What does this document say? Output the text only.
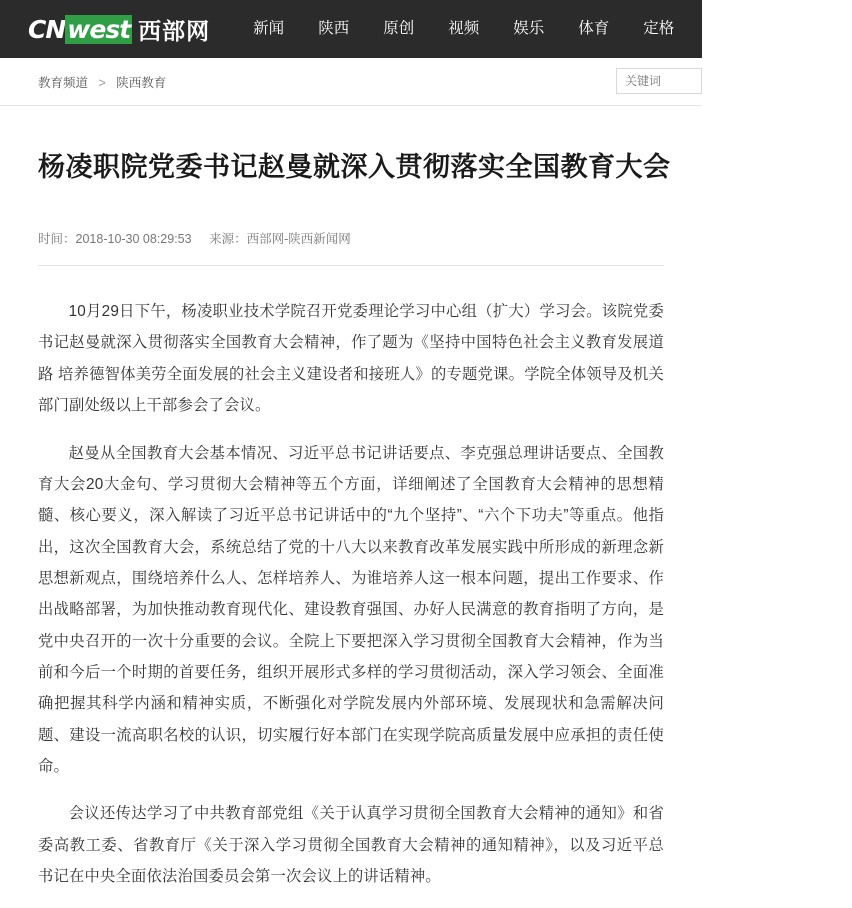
CN west 西部网	新闻	陕西	原创	视频	娱乐	体育	定格	民生热线	更多
教育频道 > 陕西教育
关键词
杨凌职院党委书记赵曼就深入贯彻落实全国教育大会
时间：2018-10-30 08:29:53 来源：西部网-陕西新闻网

10月29日下午，杨凌职业技术学院召开党委理论学习中心组（扩大）学习会。该院党委书记赵曼就深入贯彻落实全国教育大会精神，作了题为《坚持中国特色社会主义教育发展道路 培养德智体美劳全面发展的社会主义建设者和接班人》的专题党课。学院全体领导及机关部门副处级以上干部参会了会议。

赵曼从全国教育大会基本情况、习近平总书记讲话要点、李克强总理讲话要点、全国教育大会20大金句、学习贯彻大会精神等五个方面，详细阐述了全国教育大会精神的思想精髓、核心要义，深入解读了习近平总书记讲话中的“九个坚持”、“六个下功夫”等重点。他指出，这次全国教育大会，系统总结了党的十八大以来教育改革发展实践中所形成的新理念新思想新观点，围绕培养什么人、怎样培养人、为谁培养人这一根本问题，提出工作要求、作出战略部署，为加快推动教育现代化、建设教育强国、办好人民满意的教育指明了方向，是党中央召开的一次十分重要的会议。全院上下要把深入学习贯彻全国教育大会精神，作为当前和今后一个时期的首要任务，组织开展形式多样的学习贯彻活动，深入学习领会、全面准确把握其科学内涵和精神实质，不断强化对学院发展内外部环境、发展现状和急需解决问题、建设一流高职名校的认识，切实履行好本部门在实现学院高质量发展中应承担的责任使命。

会议还传达学习了中共教育部党组《关于认真学习贯彻全国教育大会精神的通知》和省委高教工委、省教育厅《关于深入学习贯彻全国教育大会精神的通知精神》，以及习近平总书记在中央全面依法治国委员会第一次会议上的讲话精神。
